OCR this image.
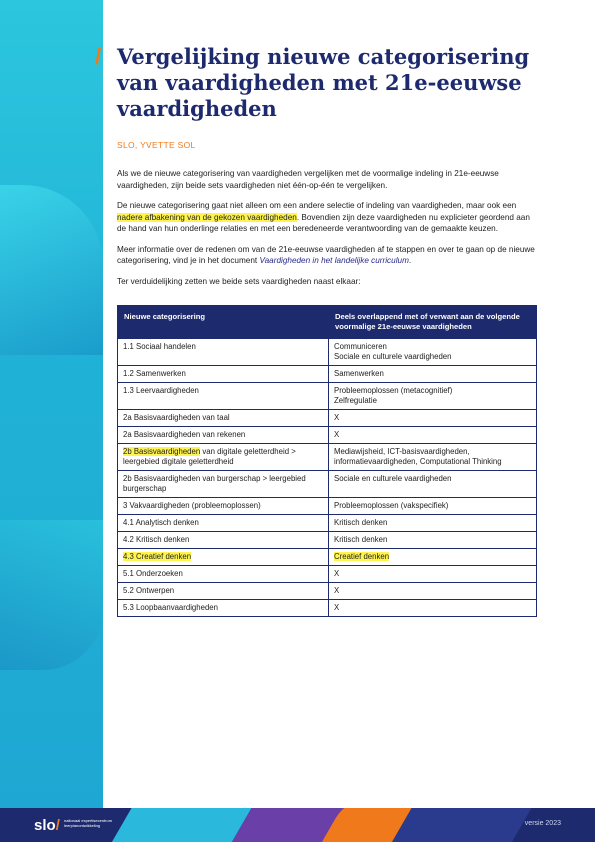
/ Vergelijking nieuwe categorisering van vaardigheden met 21e-eeuwse vaardigheden
SLO, YVETTE SOL

Als we de nieuwe categorisering van vaardigheden vergelijken met de voormalige indeling in 21e-eeuwse vaardigheden, zijn beide sets vaardigheden niet één-op-één te vergelijken.

De nieuwe categorisering gaat niet alleen om een andere selectie of indeling van vaardigheden, maar ook een nadere afbakening van de gekozen vaardigheden. Bovendien zijn deze vaardigheden nu explicieter geordend aan de hand van hun onderlinge relaties en met een beredeneerde verantwoording van de gemaakte keuzen.

Meer informatie over de redenen om van de 21e-eeuwse vaardigheden af te stappen en over te gaan op de nieuwe categorisering, vind je in het document Vaardigheden in het landelijke curriculum.

Ter verduidelijking zetten we beide sets vaardigheden naast elkaar:

Nieuwe categorisering	Deels overlappend met of verwant aan de volgende voormalige 21e-eeuwse vaardigheden
1.1 Sociaal handelen	Communiceren
Sociale en culturele vaardigheden
1.2 Samenwerken	Samenwerken
1.3 Leervaardigheden	Probleemoplossen (metacognitief)
Zelfregulatie
2a Basisvaardigheden van taal	X
2a Basisvaardigheden van rekenen	X
2b Basisvaardigheden van digitale geletterdheid > leergebied digitale geletterdheid	Mediawijsheid, ICT-basisvaardigheden, informatievaardigheden, Computational Thinking
2b Basisvaardigheden van burgerschap > leergebied burgerschap	Sociale en culturele vaardigheden
3 Vakvaardigheden (probleemoplossen)	Probleemoplossen (vakspecifiek)
4.1 Analytisch denken	Kritisch denken
4.2 Kritisch denken	Kritisch denken
4.3 Creatief denken	Creatief denken
5.1 Onderzoeken	X
5.2 Ontwerpen	X
5.3 Loopbaanvaardigheden	X
slo/ nationaal expertisecentrum leerplanontwikkeling	versie 2023
